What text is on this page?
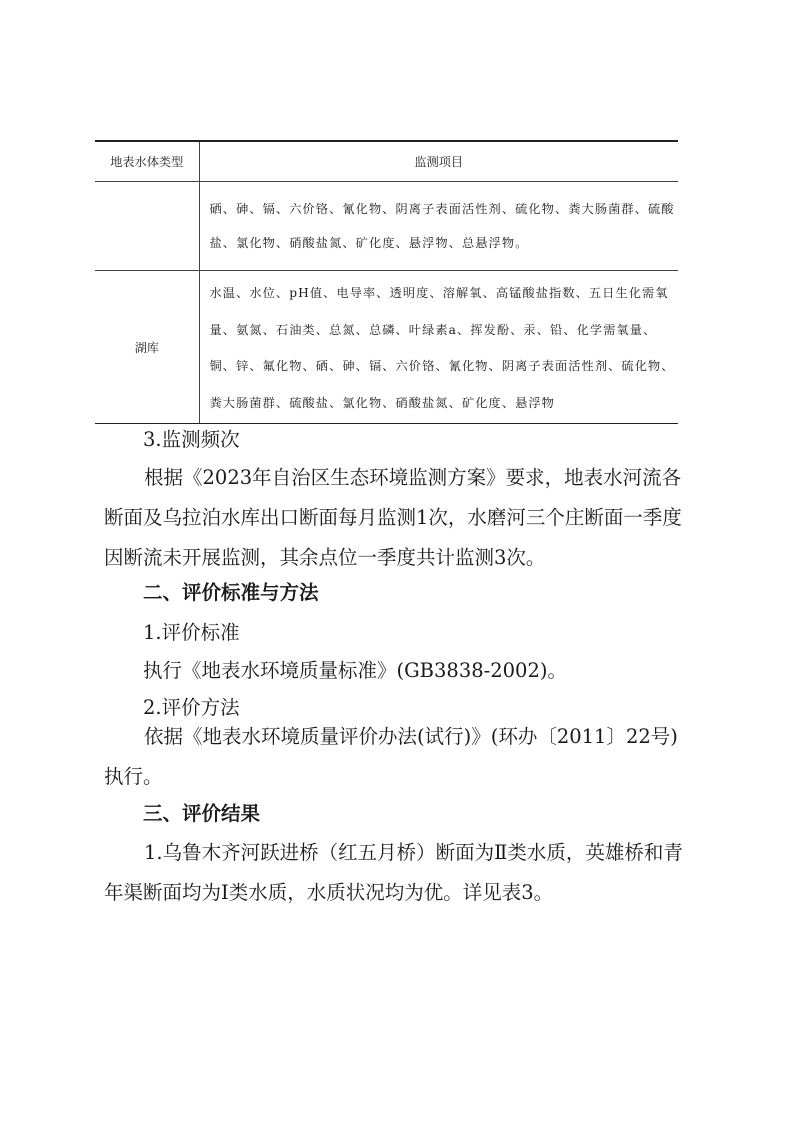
地表水体类型	监测项目
	硒、砷、镉、六价铬、氰化物、阴离子表面活性剂、硫化物、粪大肠菌群、硫酸盐、氯化物、硝酸盐氮、矿化度、悬浮物、总悬浮物。
湖库	水温、水位、pH值、电导率、透明度、溶解氧、高锰酸盐指数、五日生化需氧量、氨氮、石油类、总氮、总磷、叶绿素a、挥发酚、汞、铅、化学需氧量、铜、锌、氟化物、硒、砷、镉、六价铬、氰化物、阴离子表面活性剂、硫化物、粪大肠菌群、硫酸盐、氯化物、硝酸盐氮、矿化度、悬浮物
3.监测频次

根据《2023年自治区生态环境监测方案》要求，地表水河流各断面及乌拉泊水库出口断面每月监测1次，水磨河三个庄断面一季度因断流未开展监测，其余点位一季度共计监测3次。

二、评价标准与方法
1.评价标准
执行《地表水环境质量标准》(GB3838-2002)。
2.评价方法

依据《地表水环境质量评价办法(试行)》(环办〔2011〕22号)执行。

三、评价结果

1.乌鲁木齐河跃进桥（红五月桥）断面为Ⅱ类水质，英雄桥和青年渠断面均为Ⅰ类水质，水质状况均为优。详见表3。
